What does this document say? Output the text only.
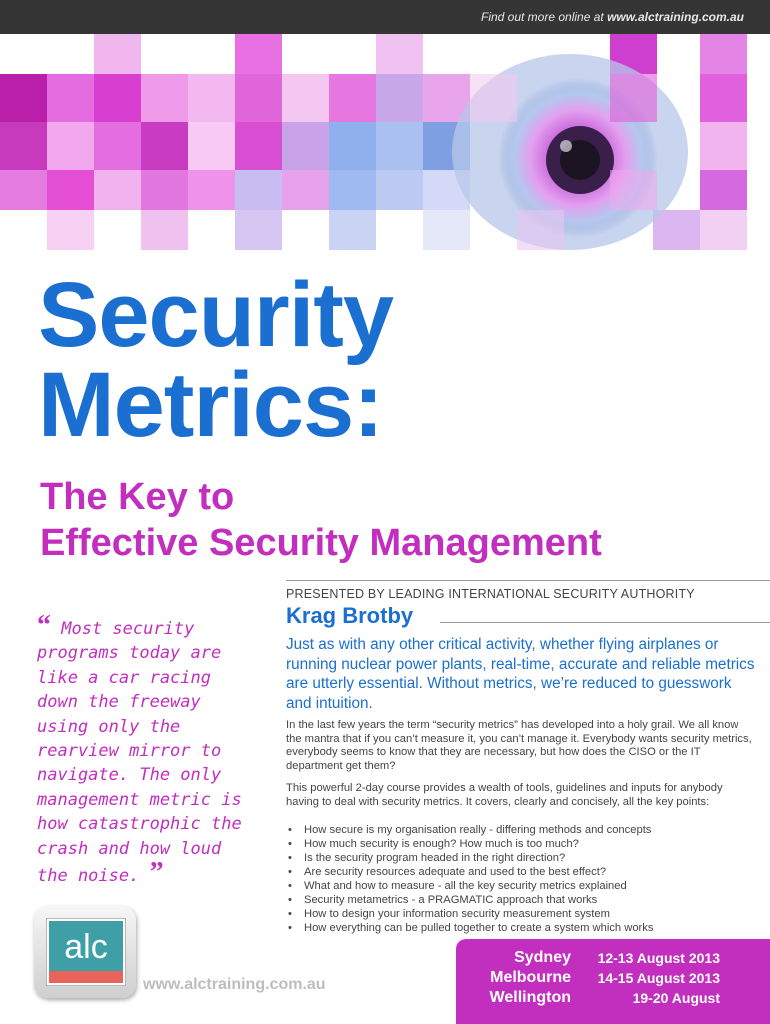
Find out more online at www.alctraining.com.au
Security
Metrics:
The Key to
Effective Security Management
PRESENTED BY LEADING INTERNATIONAL SECURITY AUTHORITY
Krag Brotby
Just as with any other critical activity, whether flying airplanes or running nuclear power plants, real-time, accurate and reliable metrics are utterly essential. Without metrics, we’re reduced to guesswork and intuition.
In the last few years the term “security metrics” has developed into a holy grail. We all know the mantra that if you can’t measure it, you can’t manage it. Everybody wants security metrics, everybody seems to know that they are necessary, but how does the CISO or the IT department get them?
This powerful 2-day course provides a wealth of tools, guidelines and inputs for anybody having to deal with security metrics. It covers, clearly and concisely, all the key points:
• How secure is my organisation really - differing methods and concepts
• How much security is enough? How much is too much?
• Is the security program headed in the right direction?
• Are security resources adequate and used to the best effect?
• What and how to measure - all the key security metrics explained
• Security metametrics - a PRAGMATIC approach that works
• How to design your information security measurement system
• How everything can be pulled together to create a system which works
“ Most security programs today are like a car racing down the freeway using only the rearview mirror to navigate. The only management metric is how catastrophic the crash and how loud the noise. ”
alc
www.alctraining.com.au
Sydney 12-13 August 2013
Melbourne 14-15 August 2013
Wellington	19-20 August
